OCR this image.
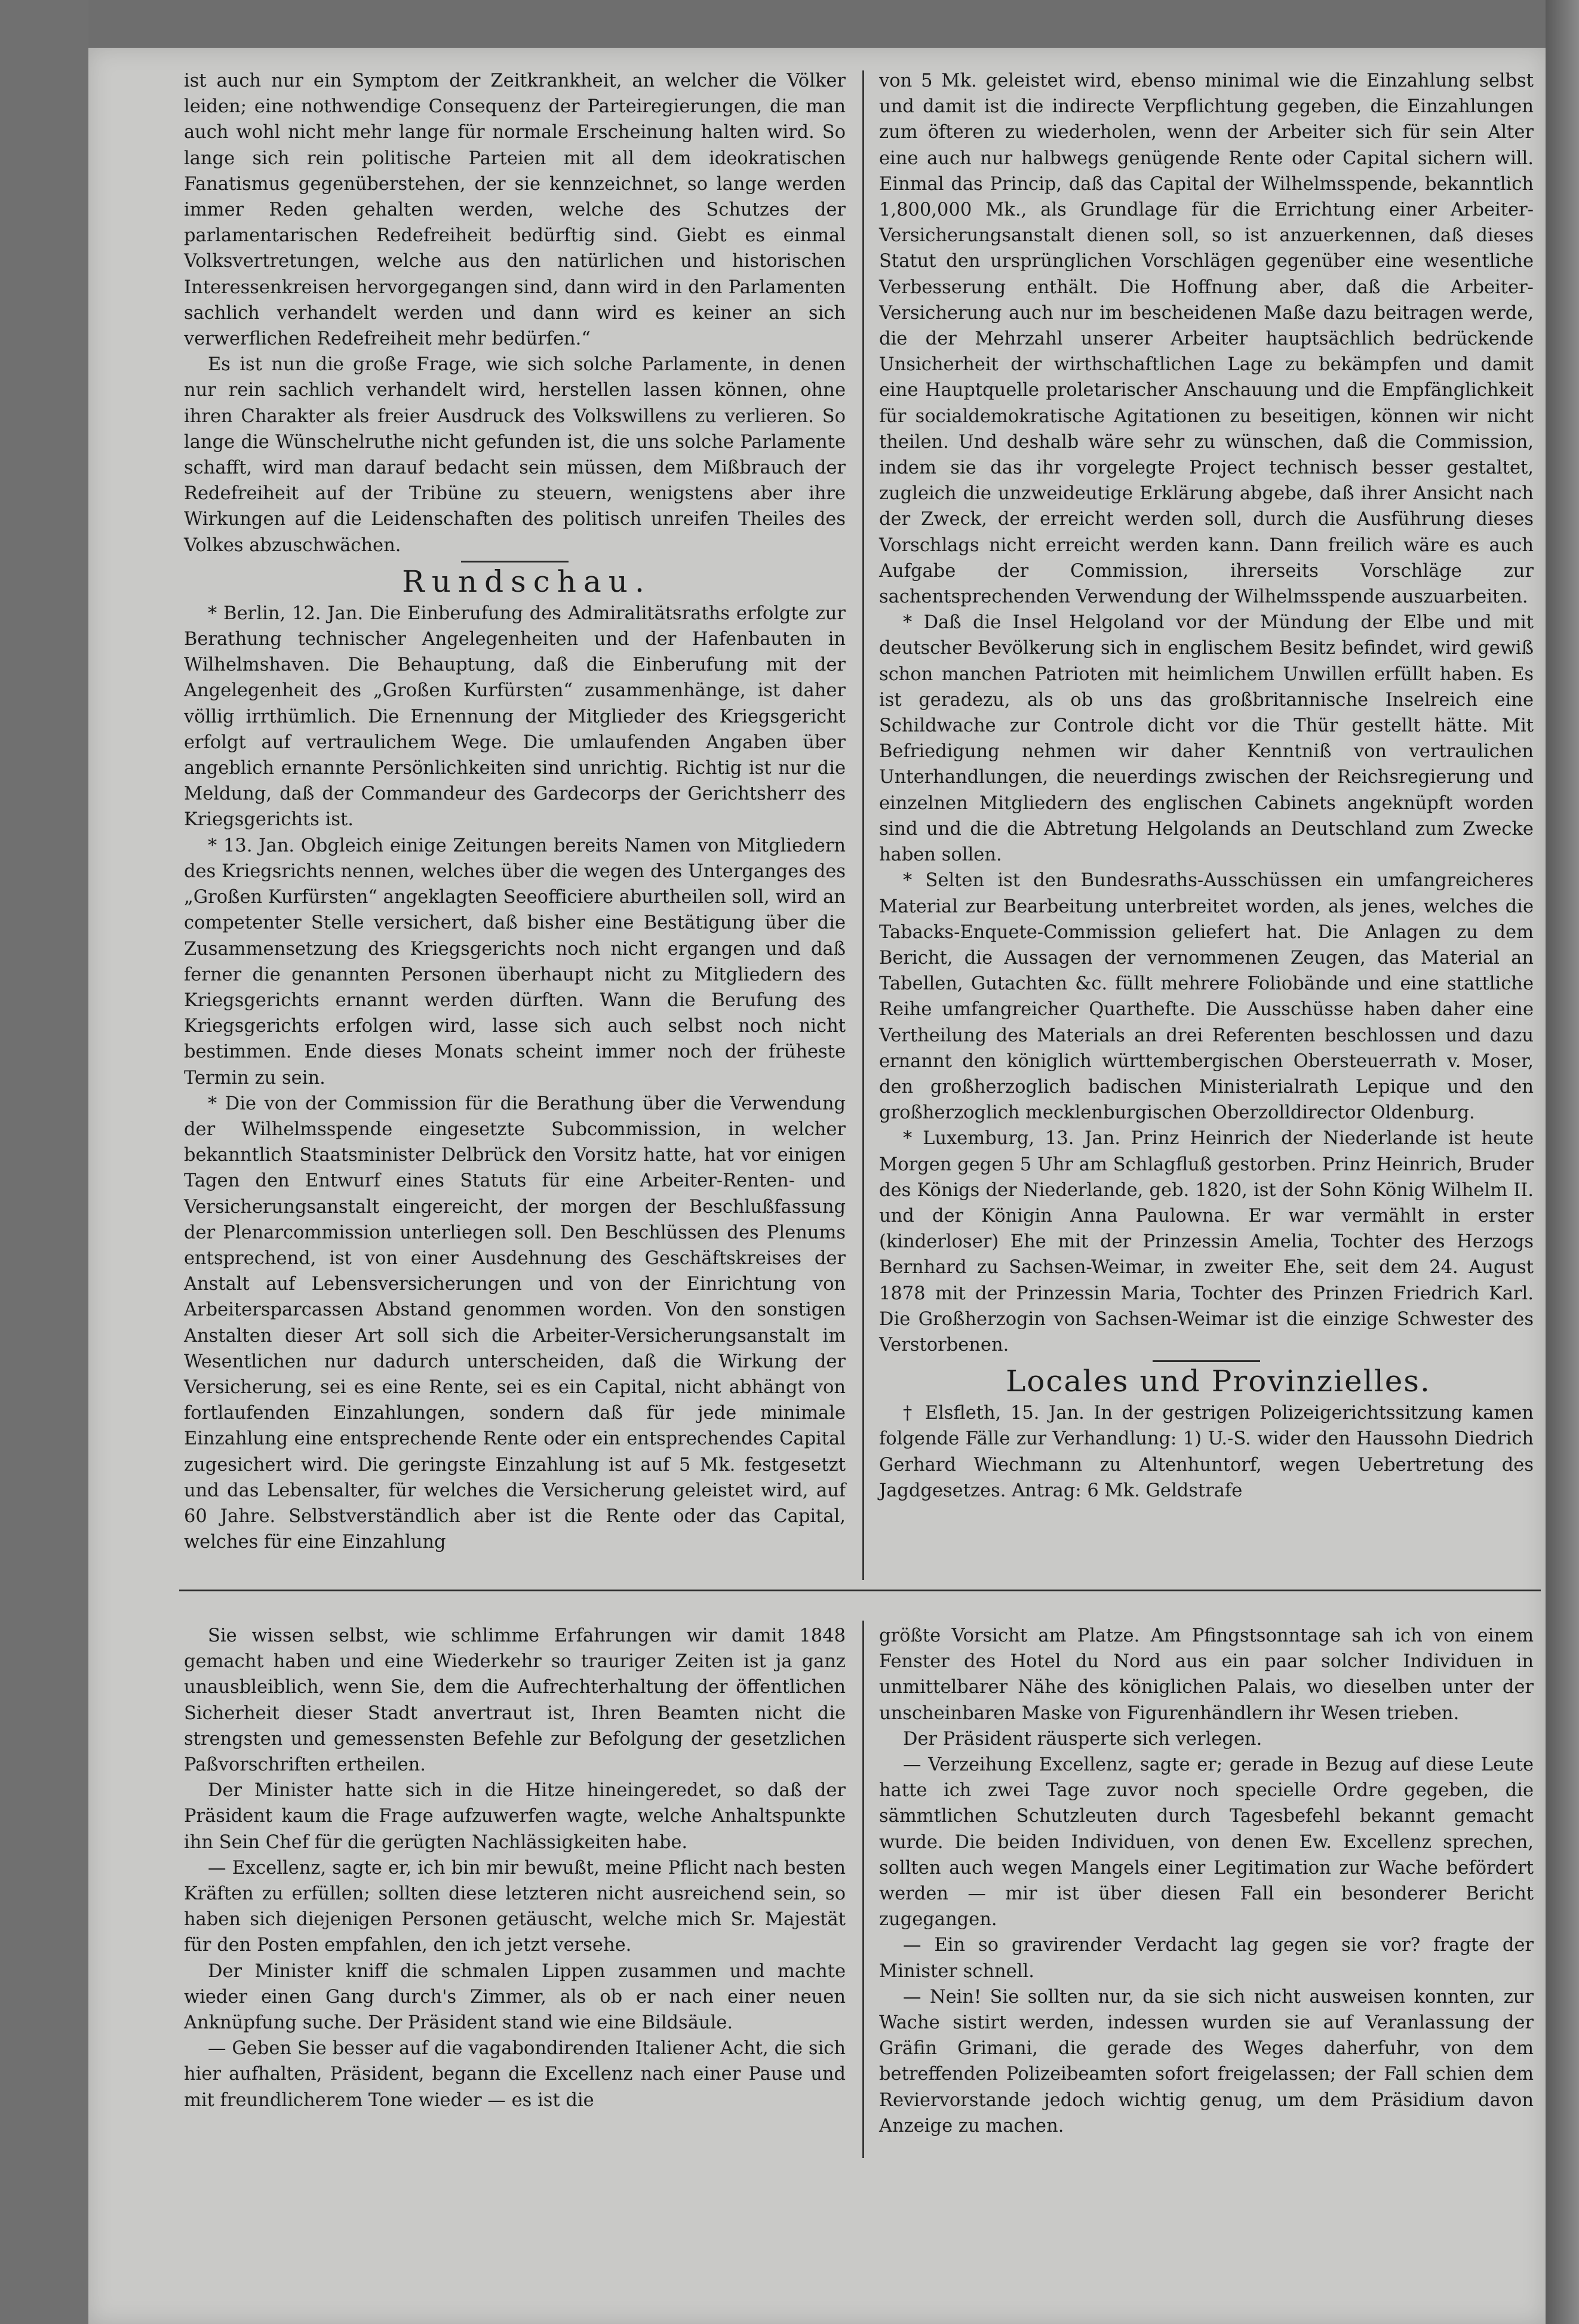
ist auch nur ein Symptom der Zeitkrankheit, an welcher die Völker leiden; eine nothwendige Consequenz der Parteiregierungen, die man auch wohl nicht mehr lange für normale Erscheinung halten wird. So lange sich rein politische Parteien mit all dem ideokratischen Fanatismus gegenüberstehen, der sie kennzeichnet, so lange werden immer Reden gehalten werden, welche des Schutzes der parlamentarischen Redefreiheit bedürftig sind. Giebt es einmal Volksvertretungen, welche aus den natürlichen und historischen Interessenkreisen hervorgegangen sind, dann wird in den Parlamenten sachlich verhandelt werden und dann wird es keiner an sich verwerflichen Redefreiheit mehr bedürfen.“

Es ist nun die große Frage, wie sich solche Parlamente, in denen nur rein sachlich verhandelt wird, herstellen lassen können, ohne ihren Charakter als freier Ausdruck des Volkswillens zu verlieren. So lange die Wünschelruthe nicht gefunden ist, die uns solche Parlamente schafft, wird man darauf bedacht sein müssen, dem Mißbrauch der Redefreiheit auf der Tribüne zu steuern, wenigstens aber ihre Wirkungen auf die Leidenschaften des politisch unreifen Theiles des Volkes abzuschwächen.

Rundschau.

* Berlin, 12. Jan. Die Einberufung des Admiralitätsraths erfolgte zur Berathung technischer Angelegenheiten und der Hafenbauten in Wilhelmshaven. Die Behauptung, daß die Einberufung mit der Angelegenheit des „Großen Kurfürsten“ zusammenhänge, ist daher völlig irrthümlich. Die Ernennung der Mitglieder des Kriegsgericht erfolgt auf vertraulichem Wege. Die umlaufenden Angaben über angeblich ernannte Persönlichkeiten sind unrichtig. Richtig ist nur die Meldung, daß der Commandeur des Gardecorps der Gerichtsherr des Kriegsgerichts ist.

* 13. Jan. Obgleich einige Zeitungen bereits Namen von Mitgliedern des Kriegsrichts nennen, welches über die wegen des Unterganges des „Großen Kurfürsten“ angeklagten Seeofficiere aburtheilen soll, wird an competenter Stelle versichert, daß bisher eine Bestätigung über die Zusammensetzung des Kriegsgerichts noch nicht ergangen und daß ferner die genannten Personen überhaupt nicht zu Mitgliedern des Kriegsgerichts ernannt werden dürften. Wann die Berufung des Kriegsgerichts erfolgen wird, lasse sich auch selbst noch nicht bestimmen. Ende dieses Monats scheint immer noch der früheste Termin zu sein.

* Die von der Commission für die Berathung über die Verwendung der Wilhelmsspende eingesetzte Subcommission, in welcher bekanntlich Staatsminister Delbrück den Vorsitz hatte, hat vor einigen Tagen den Entwurf eines Statuts für eine Arbeiter-Renten- und Versicherungsanstalt eingereicht, der morgen der Beschlußfassung der Plenarcommission unterliegen soll. Den Beschlüssen des Plenums entsprechend, ist von einer Ausdehnung des Geschäftskreises der Anstalt auf Lebensversicherungen und von der Einrichtung von Arbeitersparcassen Abstand genommen worden. Von den sonstigen Anstalten dieser Art soll sich die Arbeiter-Versicherungsanstalt im Wesentlichen nur dadurch unterscheiden, daß die Wirkung der Versicherung, sei es eine Rente, sei es ein Capital, nicht abhängt von fortlaufenden Einzahlungen, sondern daß für jede minimale Einzahlung eine entsprechende Rente oder ein entsprechendes Capital zugesichert wird. Die geringste Einzahlung ist auf 5 Mk. festgesetzt und das Lebensalter, für welches die Versicherung geleistet wird, auf 60 Jahre. Selbstverständlich aber ist die Rente oder das Capital, welches für eine Einzahlung

von 5 Mk. geleistet wird, ebenso minimal wie die Einzahlung selbst und damit ist die indirecte Verpflichtung gegeben, die Einzahlungen zum öfteren zu wiederholen, wenn der Arbeiter sich für sein Alter eine auch nur halbwegs genügende Rente oder Capital sichern will. Einmal das Princip, daß das Capital der Wilhelmsspende, bekanntlich 1,800,000 Mk., als Grundlage für die Errichtung einer Arbeiter-Versicherungsanstalt dienen soll, so ist anzuerkennen, daß dieses Statut den ursprünglichen Vorschlägen gegenüber eine wesentliche Verbesserung enthält. Die Hoffnung aber, daß die Arbeiter-Versicherung auch nur im bescheidenen Maße dazu beitragen werde, die der Mehrzahl unserer Arbeiter hauptsächlich bedrückende Unsicherheit der wirthschaftlichen Lage zu bekämpfen und damit eine Hauptquelle proletarischer Anschauung und die Empfänglichkeit für socialdemokratische Agitationen zu beseitigen, können wir nicht theilen. Und deshalb wäre sehr zu wünschen, daß die Commission, indem sie das ihr vorgelegte Project technisch besser gestaltet, zugleich die unzweideutige Erklärung abgebe, daß ihrer Ansicht nach der Zweck, der erreicht werden soll, durch die Ausführung dieses Vorschlags nicht erreicht werden kann. Dann freilich wäre es auch Aufgabe der Commission, ihrerseits Vorschläge zur sachentsprechenden Verwendung der Wilhelmsspende auszuarbeiten.

* Daß die Insel Helgoland vor der Mündung der Elbe und mit deutscher Bevölkerung sich in englischem Besitz befindet, wird gewiß schon manchen Patrioten mit heimlichem Unwillen erfüllt haben. Es ist geradezu, als ob uns das großbritannische Inselreich eine Schildwache zur Controle dicht vor die Thür gestellt hätte. Mit Befriedigung nehmen wir daher Kenntniß von vertraulichen Unterhandlungen, die neuerdings zwischen der Reichsregierung und einzelnen Mitgliedern des englischen Cabinets angeknüpft worden sind und die die Abtretung Helgolands an Deutschland zum Zwecke haben sollen.

* Selten ist den Bundesraths-Ausschüssen ein umfangreicheres Material zur Bearbeitung unterbreitet worden, als jenes, welches die Tabacks-Enquete-Commission geliefert hat. Die Anlagen zu dem Bericht, die Aussagen der vernommenen Zeugen, das Material an Tabellen, Gutachten &c. füllt mehrere Foliobände und eine stattliche Reihe umfangreicher Quarthefte. Die Ausschüsse haben daher eine Vertheilung des Materials an drei Referenten beschlossen und dazu ernannt den königlich württembergischen Obersteuerrath v. Moser, den großherzoglich badischen Ministerialrath Lepique und den großherzoglich mecklenburgischen Oberzolldirector Oldenburg.

* Luxemburg, 13. Jan. Prinz Heinrich der Niederlande ist heute Morgen gegen 5 Uhr am Schlagfluß gestorben. Prinz Heinrich, Bruder des Königs der Niederlande, geb. 1820, ist der Sohn König Wilhelm II. und der Königin Anna Paulowna. Er war vermählt in erster (kinderloser) Ehe mit der Prinzessin Amelia, Tochter des Herzogs Bernhard zu Sachsen-Weimar, in zweiter Ehe, seit dem 24. August 1878 mit der Prinzessin Maria, Tochter des Prinzen Friedrich Karl. Die Großherzogin von Sachsen-Weimar ist die einzige Schwester des Verstorbenen.

Locales und Provinzielles.

† Elsfleth, 15. Jan. In der gestrigen Polizeigerichtssitzung kamen folgende Fälle zur Verhandlung: 1) U.-S. wider den Haussohn Diedrich Gerhard Wiechmann zu Altenhuntorf, wegen Uebertretung des Jagdgesetzes. Antrag: 6 Mk. Geldstrafe

Sie wissen selbst, wie schlimme Erfahrungen wir damit 1848 gemacht haben und eine Wiederkehr so trauriger Zeiten ist ja ganz unausbleiblich, wenn Sie, dem die Aufrechterhaltung der öffentlichen Sicherheit dieser Stadt anvertraut ist, Ihren Beamten nicht die strengsten und gemessensten Befehle zur Befolgung der gesetzlichen Paßvorschriften ertheilen.

Der Minister hatte sich in die Hitze hineingeredet, so daß der Präsident kaum die Frage aufzuwerfen wagte, welche Anhaltspunkte ihn Sein Chef für die gerügten Nachlässigkeiten habe.

— Excellenz, sagte er, ich bin mir bewußt, meine Pflicht nach besten Kräften zu erfüllen; sollten diese letzteren nicht ausreichend sein, so haben sich diejenigen Personen getäuscht, welche mich Sr. Majestät für den Posten empfahlen, den ich jetzt versehe.

Der Minister kniff die schmalen Lippen zusammen und machte wieder einen Gang durch's Zimmer, als ob er nach einer neuen Anknüpfung suche. Der Präsident stand wie eine Bildsäule.

— Geben Sie besser auf die vagabondirenden Italiener Acht, die sich hier aufhalten, Präsident, begann die Excellenz nach einer Pause und mit freundlicherem Tone wieder — es ist die

größte Vorsicht am Platze. Am Pfingstsonntage sah ich von einem Fenster des Hotel du Nord aus ein paar solcher Individuen in unmittelbarer Nähe des königlichen Palais, wo dieselben unter der unscheinbaren Maske von Figurenhändlern ihr Wesen trieben.

Der Präsident räusperte sich verlegen.

— Verzeihung Excellenz, sagte er; gerade in Bezug auf diese Leute hatte ich zwei Tage zuvor noch specielle Ordre gegeben, die sämmtlichen Schutzleuten durch Tagesbefehl bekannt gemacht wurde. Die beiden Individuen, von denen Ew. Excellenz sprechen, sollten auch wegen Mangels einer Legitimation zur Wache befördert werden — mir ist über diesen Fall ein besonderer Bericht zugegangen.

— Ein so gravirender Verdacht lag gegen sie vor? fragte der Minister schnell.

— Nein! Sie sollten nur, da sie sich nicht ausweisen konnten, zur Wache sistirt werden, indessen wurden sie auf Veranlassung der Gräfin Grimani, die gerade des Weges daherfuhr, von dem betreffenden Polizeibeamten sofort freigelassen; der Fall schien dem Reviervorstande jedoch wichtig genug, um dem Präsidium davon Anzeige zu machen.
